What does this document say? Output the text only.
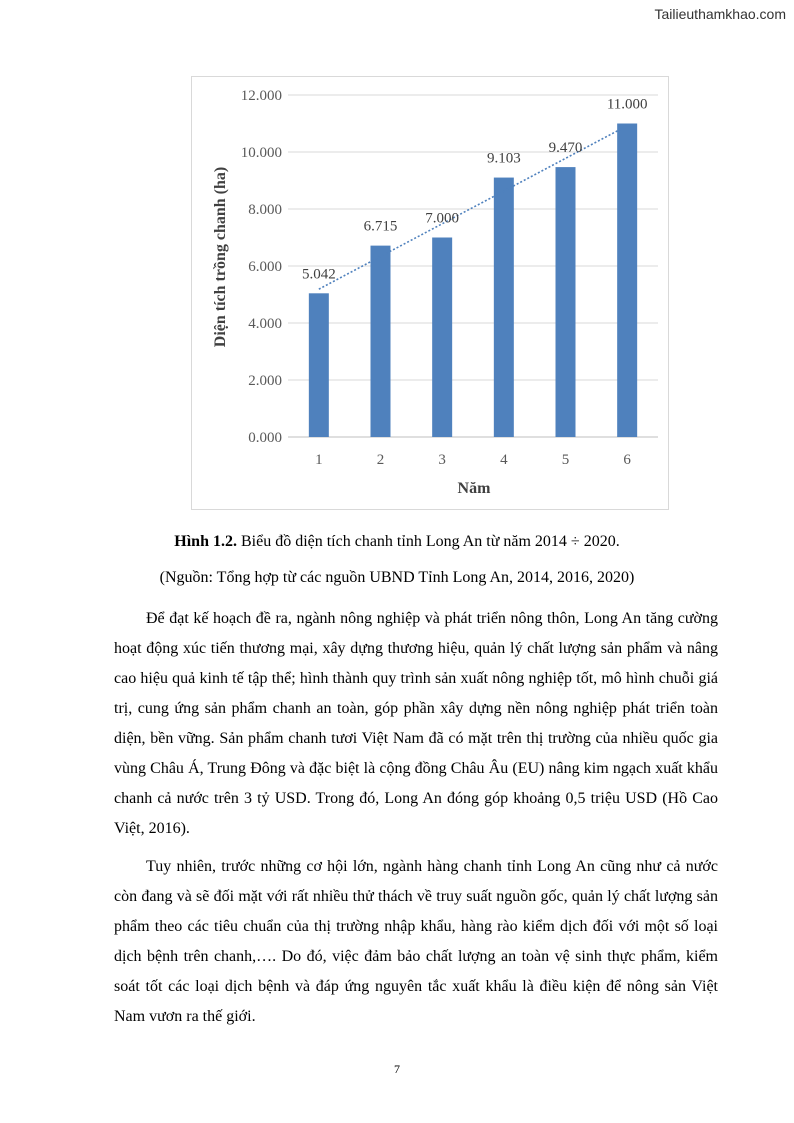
Tailieuthamkhao.com
0.000
2.000
4.000
6.000
8.000
10.000
12.000
5.042
1
6.715
2
7.000
3
9.103
4
9.470
5
11.000
6
Diện tích trồng chanh (ha)
Năm
Hình 1.2. Biểu đồ diện tích chanh tỉnh Long An từ năm 2014 ÷ 2020.
(Nguồn: Tổng hợp từ các nguồn UBND Tỉnh Long An, 2014, 2016, 2020)

Để đạt kế hoạch đề ra, ngành nông nghiệp và phát triển nông thôn, Long An tăng cường hoạt động xúc tiến thương mại, xây dựng thương hiệu, quản lý chất lượng sản phẩm và nâng cao hiệu quả kinh tế tập thể; hình thành quy trình sản xuất nông nghiệp tốt, mô hình chuỗi giá trị, cung ứng sản phẩm chanh an toàn, góp phần xây dựng nền nông nghiệp phát triển toàn diện, bền vững. Sản phẩm chanh tươi Việt Nam đã có mặt trên thị trường của nhiều quốc gia vùng Châu Á, Trung Đông và đặc biệt là cộng đồng Châu Âu (EU) nâng kim ngạch xuất khẩu chanh cả nước trên 3 tỷ USD. Trong đó, Long An đóng góp khoảng 0,5 triệu USD (Hồ Cao Việt, 2016).

Tuy nhiên, trước những cơ hội lớn, ngành hàng chanh tỉnh Long An cũng như cả nước còn đang và sẽ đối mặt với rất nhiều thử thách về truy suất nguồn gốc, quản lý chất lượng sản phẩm theo các tiêu chuẩn của thị trường nhập khẩu, hàng rào kiểm dịch đối với một số loại dịch bệnh trên chanh,…. Do đó, việc đảm bảo chất lượng an toàn vệ sinh thực phẩm, kiểm soát tốt các loại dịch bệnh và đáp ứng nguyên tắc xuất khẩu là điều kiện để nông sản Việt Nam vươn ra thế giới.

7
